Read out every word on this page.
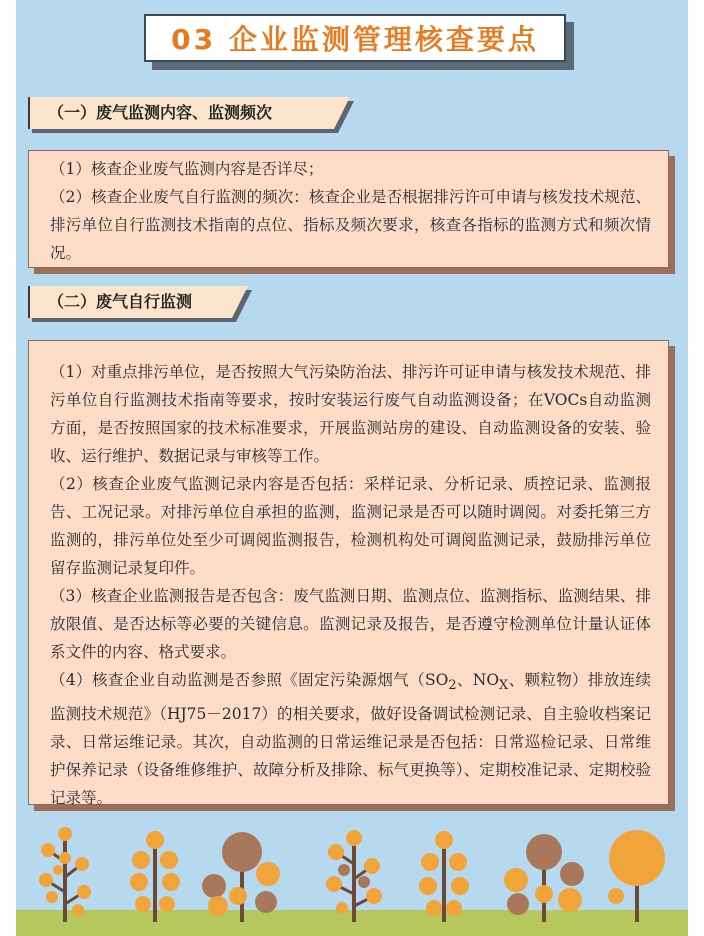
03 企业监测管理核查要点
（一）废气监测内容、监测频次

（1）核查企业废气监测内容是否详尽；

（2）核查企业废气自行监测的频次：核查企业是否根据排污许可申请与核发技术规范、排污单位自行监测技术指南的点位、指标及频次要求，核查各指标的监测方式和频次情况。

（二）废气自行监测

（1）对重点排污单位，是否按照大气污染防治法、排污许可证申请与核发技术规范、排污单位自行监测技术指南等要求，按时安装运行废气自动监测设备；在VOCs自动监测方面，是否按照国家的技术标准要求，开展监测站房的建设、自动监测设备的安装、验收、运行维护、数据记录与审核等工作。

（2）核查企业废气监测记录内容是否包括：采样记录、分析记录、质控记录、监测报告、工况记录。对排污单位自承担的监测，监测记录是否可以随时调阅。对委托第三方监测的，排污单位处至少可调阅监测报告，检测机构处可调阅监测记录，鼓励排污单位留存监测记录复印件。

（3）核查企业监测报告是否包含：废气监测日期、监测点位、监测指标、监测结果、排放限值、是否达标等必要的关键信息。监测记录及报告，是否遵守检测单位计量认证体系文件的内容、格式要求。

（4）核查企业自动监测是否参照《固定污染源烟气（$SO_2$、$NO_X$、颗粒物）排放连续监测技术规范》（HJ75－2017）的相关要求，做好设备调试检测记录、自主验收档案记录、日常运维记录。其次，自动监测的日常运维记录是否包括：日常巡检记录、日常维护保养记录（设备维修维护、故障分析及排除、标气更换等）、定期校准记录、定期校验记录等。
